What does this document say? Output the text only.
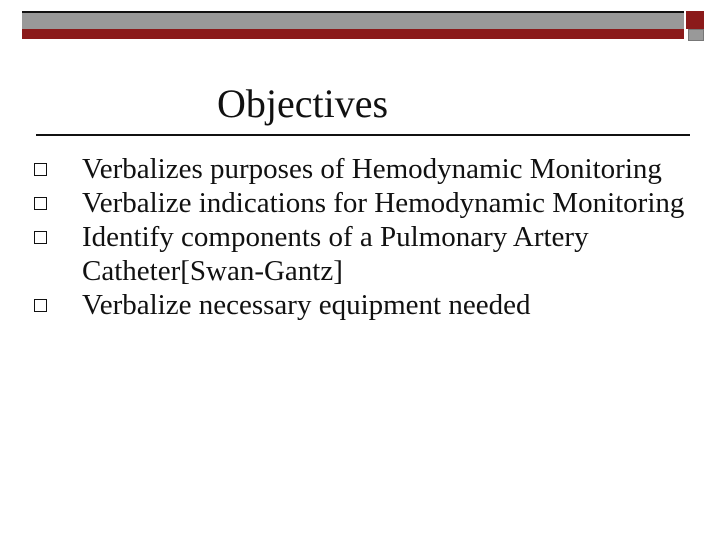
Objectives
Verbalizes purposes of Hemodynamic Monitoring
Verbalize indications for Hemodynamic Monitoring
Identify components of a Pulmonary Artery Catheter[Swan-Gantz]
Verbalize necessary equipment needed
